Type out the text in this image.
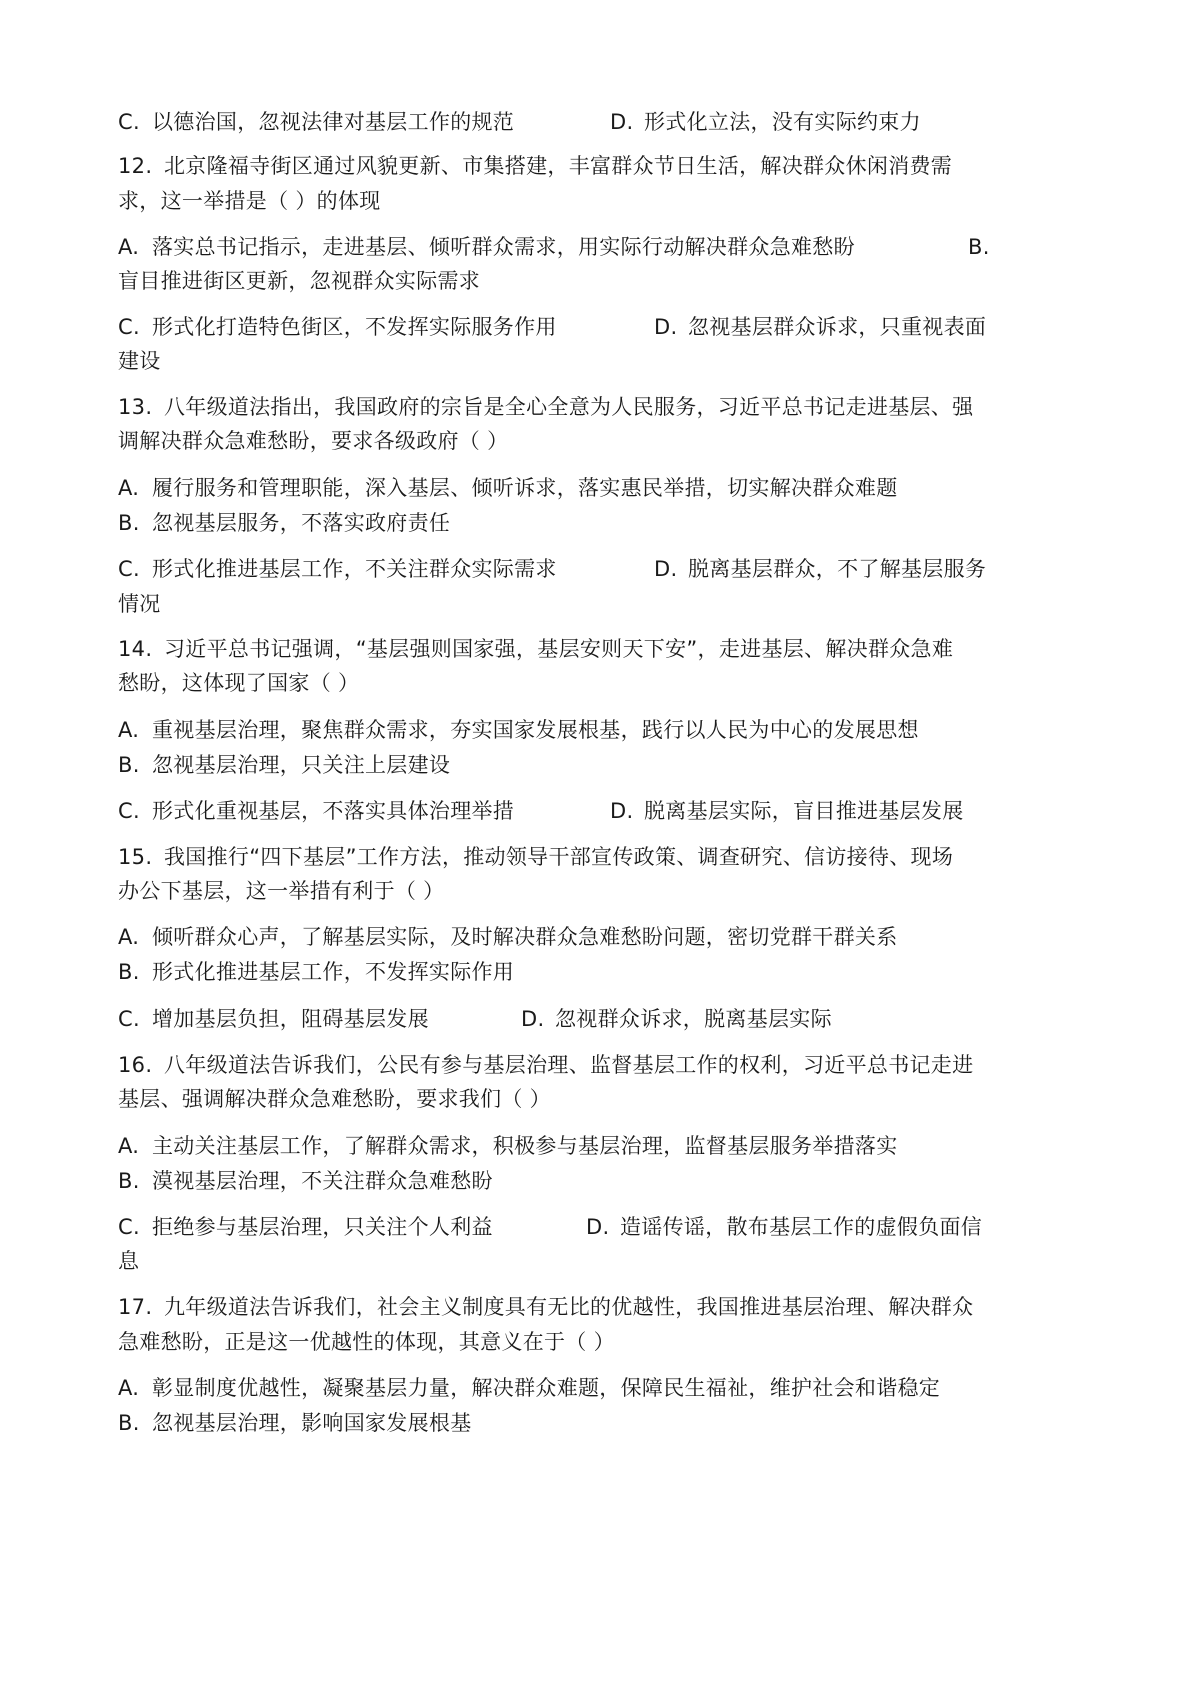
C. 以德治国，忽视法律对基层工作的规范	D. 形式化立法，没有实际约束力
12. 北京隆福寺街区通过风貌更新、市集搭建，丰富群众节日生活，解决群众休闲消费需
求，这一举措是（ ）的体现
A. 落实总书记指示，走进基层、倾听群众需求，用实际行动解决群众急难愁盼	B.
盲目推进街区更新，忽视群众实际需求
C. 形式化打造特色街区，不发挥实际服务作用	D. 忽视基层群众诉求，只重视表面
建设
13. 八年级道法指出，我国政府的宗旨是全心全意为人民服务，习近平总书记走进基层、强
调解决群众急难愁盼，要求各级政府（ ）
A. 履行服务和管理职能，深入基层、倾听诉求，落实惠民举措，切实解决群众难题
B. 忽视基层服务，不落实政府责任
C. 形式化推进基层工作，不关注群众实际需求	D. 脱离基层群众，不了解基层服务
情况
14. 习近平总书记强调，“基层强则国家强，基层安则天下安”，走进基层、解决群众急难
愁盼，这体现了国家（ ）
A. 重视基层治理，聚焦群众需求，夯实国家发展根基，践行以人民为中心的发展思想
B. 忽视基层治理，只关注上层建设
C. 形式化重视基层，不落实具体治理举措	D. 脱离基层实际，盲目推进基层发展
15. 我国推行“四下基层”工作方法，推动领导干部宣传政策、调查研究、信访接待、现场
办公下基层，这一举措有利于（ ）
A. 倾听群众心声，了解基层实际，及时解决群众急难愁盼问题，密切党群干群关系
B. 形式化推进基层工作，不发挥实际作用
C. 增加基层负担，阻碍基层发展	D. 忽视群众诉求，脱离基层实际
16. 八年级道法告诉我们，公民有参与基层治理、监督基层工作的权利，习近平总书记走进
基层、强调解决群众急难愁盼，要求我们（ ）
A. 主动关注基层工作，了解群众需求，积极参与基层治理，监督基层服务举措落实
B. 漠视基层治理，不关注群众急难愁盼
C. 拒绝参与基层治理，只关注个人利益	D. 造谣传谣，散布基层工作的虚假负面信
息
17. 九年级道法告诉我们，社会主义制度具有无比的优越性，我国推进基层治理、解决群众
急难愁盼，正是这一优越性的体现，其意义在于（ ）
A. 彰显制度优越性，凝聚基层力量，解决群众难题，保障民生福祉，维护社会和谐稳定
B. 忽视基层治理，影响国家发展根基
